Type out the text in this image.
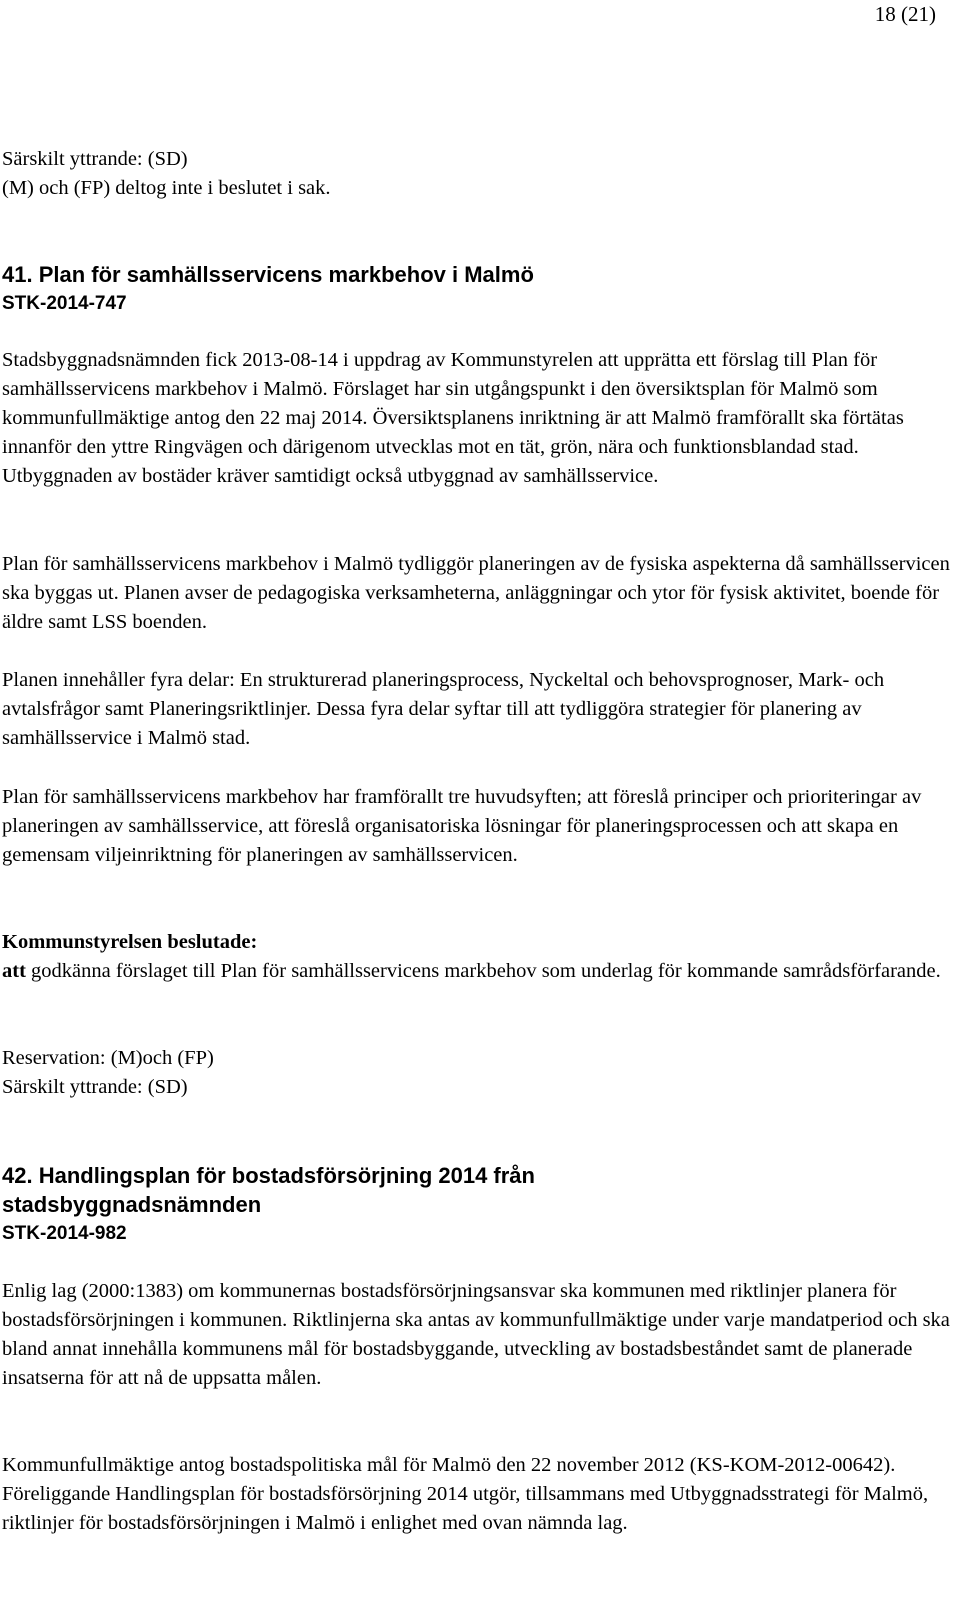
18 (21)

Särskilt yttrande: (SD)

(M) och (FP) deltog inte i beslutet i sak.

41. Plan för samhällsservicens markbehov i Malmö

STK-2014-747

Stadsbyggnadsnämnden fick 2013-08-14 i uppdrag av Kommunstyrelen att upprätta ett förslag till Plan för samhällsservicens markbehov i Malmö. Förslaget har sin utgångspunkt i den översiktsplan för Malmö som kommunfullmäktige antog den 22 maj 2014. Översiktsplanens inriktning är att Malmö framförallt ska förtätas innanför den yttre Ringvägen och därigenom utvecklas mot en tät, grön, nära och funktionsblandad stad. Utbyggnaden av bostäder kräver samtidigt också utbyggnad av samhällsservice.

Plan för samhällsservicens markbehov i Malmö tydliggör planeringen av de fysiska aspekterna då samhällsservicen ska byggas ut. Planen avser de pedagogiska verksamheterna, anläggningar och ytor för fysisk aktivitet, boende för äldre samt LSS boenden.

Planen innehåller fyra delar: En strukturerad planeringsprocess, Nyckeltal och behovsprognoser, Mark- och avtalsfrågor samt Planeringsriktlinjer. Dessa fyra delar syftar till att tydliggöra strategier för planering av samhällsservice i Malmö stad.

Plan för samhällsservicens markbehov har framförallt tre huvudsyften; att föreslå principer och prioriteringar av planeringen av samhällsservice, att föreslå organisatoriska lösningar för planeringsprocessen och att skapa en gemensam viljeinriktning för planeringen av samhällsservicen.

Kommunstyrelsen beslutade:

att godkänna förslaget till Plan för samhällsservicens markbehov som underlag för kommande samrådsförfarande.

Reservation: (M)och (FP)

Särskilt yttrande: (SD)

42. Handlingsplan för bostadsförsörjning 2014 från stadsbyggnadsnämnden

STK-2014-982

Enlig lag (2000:1383) om kommunernas bostadsförsörjningsansvar ska kommunen med riktlinjer planera för bostadsförsörjningen i kommunen. Riktlinjerna ska antas av kommunfullmäktige under varje mandatperiod och ska bland annat innehålla kommunens mål för bostadsbyggande, utveckling av bostadsbeståndet samt de planerade insatserna för att nå de uppsatta målen.

Kommunfullmäktige antog bostadspolitiska mål för Malmö den 22 november 2012 (KS-KOM-2012-00642). Föreliggande Handlingsplan för bostadsförsörjning 2014 utgör, tillsammans med Utbyggnadsstrategi för Malmö, riktlinjer för bostadsförsörjningen i Malmö i enlighet med ovan nämnda lag.
